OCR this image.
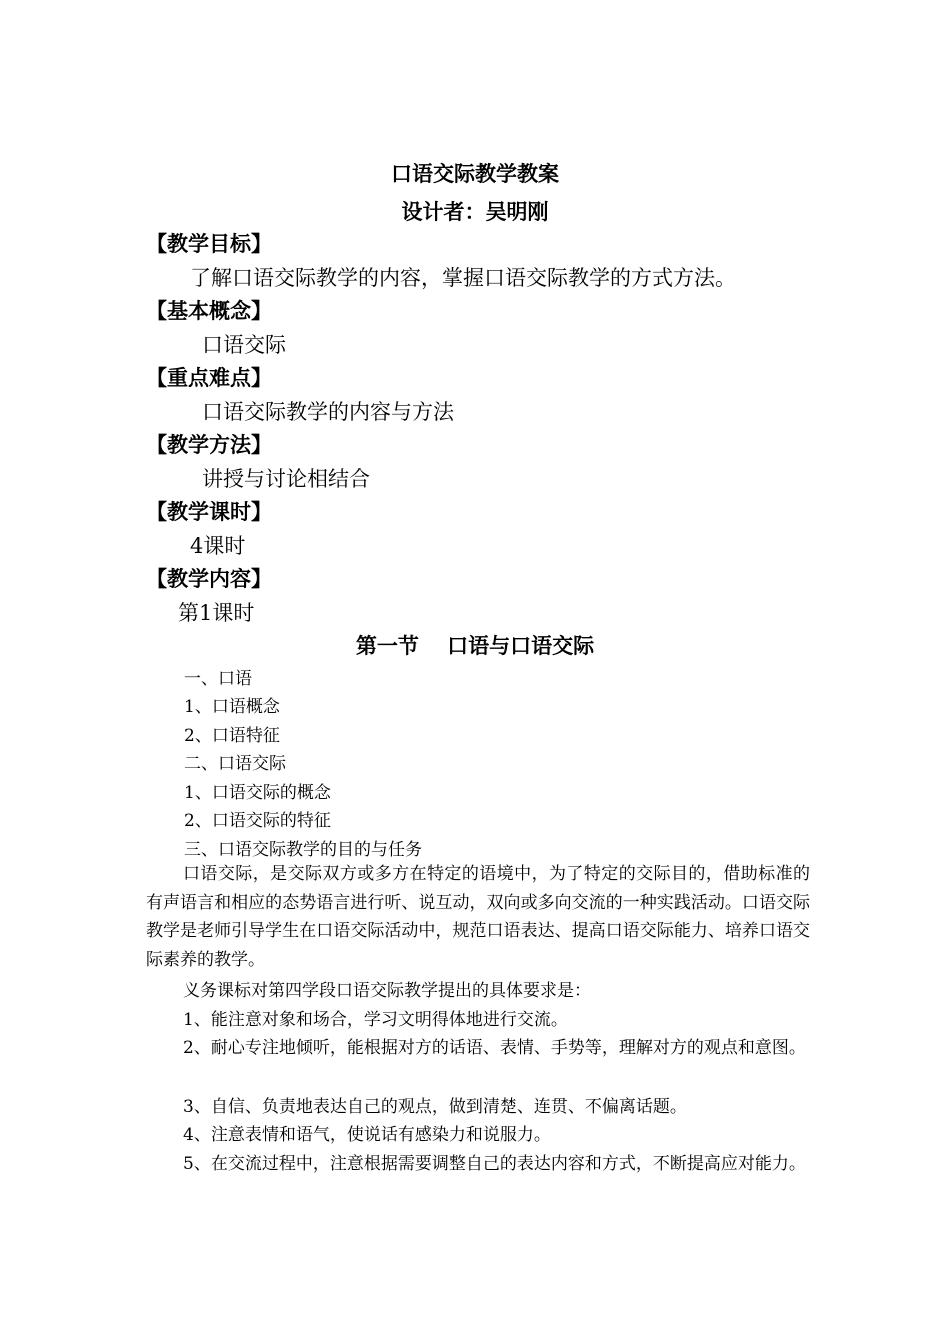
口语交际教学教案
设计者：吴明刚
【教学目标】
了解口语交际教学的内容，掌握口语交际教学的方式方法。
【基本概念】
口语交际
【重点难点】
口语交际教学的内容与方法
【教学方法】
讲授与讨论相结合
【教学课时】
4课时
【教学内容】
第1课时
第一节　 口语与口语交际
一、口语
1、口语概念
2、口语特征
二、口语交际
1、口语交际的概念
2、口语交际的特征
三、口语交际教学的目的与任务
口语交际，是交际双方或多方在特定的语境中，为了特定的交际目的，借助标准的有声语言和相应的态势语言进行听、说互动，双向或多向交流的一种实践活动。口语交际教学是老师引导学生在口语交际活动中，规范口语表达、提高口语交际能力、培养口语交际素养的教学。
义务课标对第四学段口语交际教学提出的具体要求是：
1、能注意对象和场合，学习文明得体地进行交流。
2、耐心专注地倾听，能根据对方的话语、表情、手势等，理解对方的观点和意图。
3、自信、负责地表达自己的观点，做到清楚、连贯、不偏离话题。
4、注意表情和语气，使说话有感染力和说服力。
5、在交流过程中，注意根据需要调整自己的表达内容和方式，不断提高应对能力。
